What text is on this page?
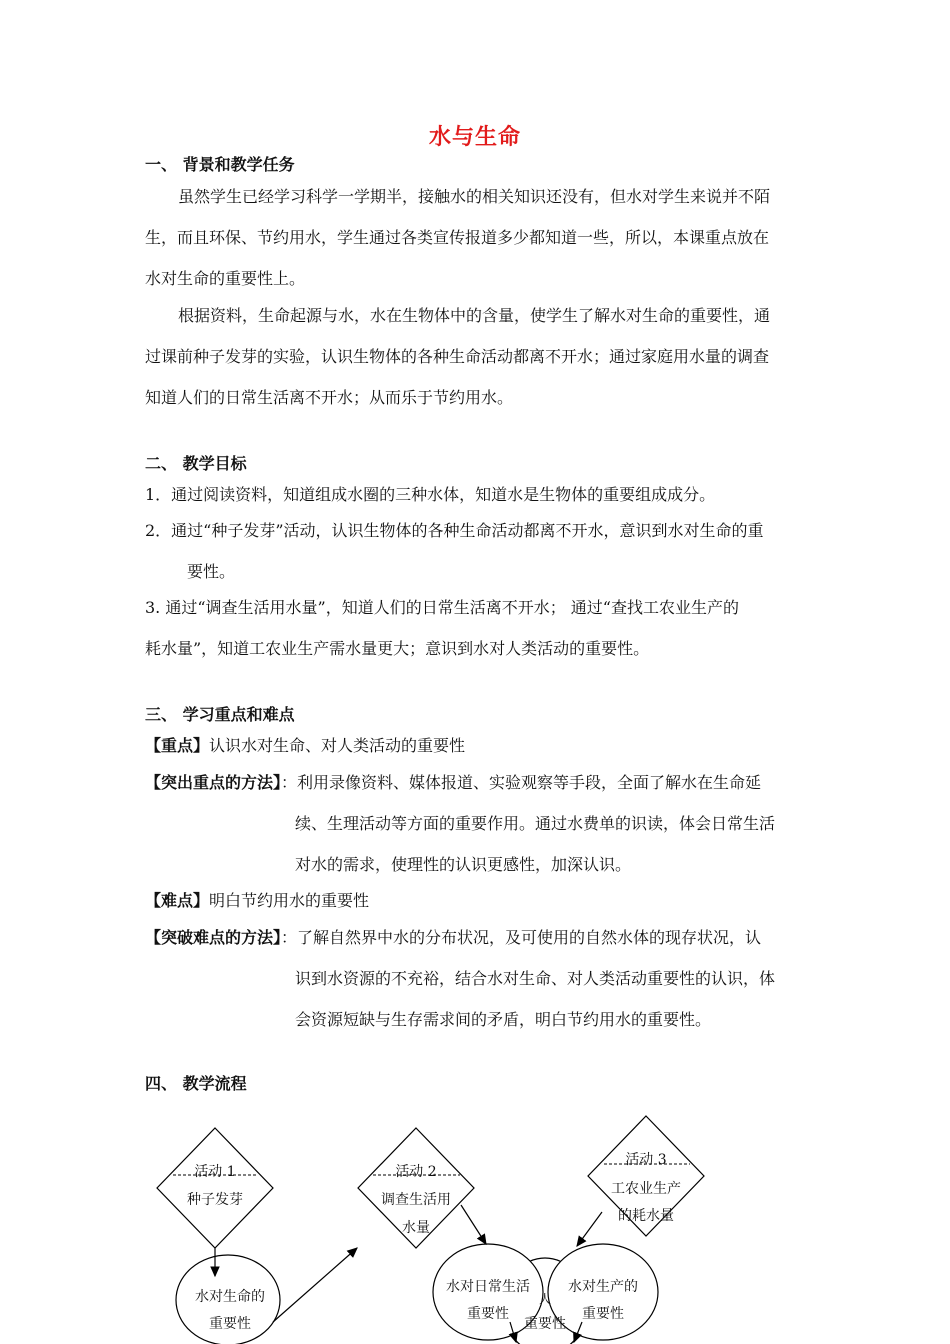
水与生命
一、 背景和教学任务
虽然学生已经学习科学一学期半，接触水的相关知识还没有，但水对学生来说并不陌
生，而且环保、节约用水，学生通过各类宣传报道多少都知道一些，所以，本课重点放在
水对生命的重要性上。
根据资料，生命起源与水，水在生物体中的含量，使学生了解水对生命的重要性，通
过课前种子发芽的实验，认识生物体的各种生命活动都离不开水；通过家庭用水量的调查
知道人们的日常生活离不开水；从而乐于节约用水。
二、 教学目标
1．通过阅读资料，知道组成水圈的三种水体，知道水是生物体的重要组成成分。
2．通过“种子发芽”活动，认识生物体的各种生命活动都离不开水，意识到水对生命的重
要性。
3. 通过“调查生活用水量”，知道人们的日常生活离不开水； 通过“查找工农业生产的
耗水量”，知道工农业生产需水量更大；意识到水对人类活动的重要性。
三、 学习重点和难点
【重点】认识水对生命、对人类活动的重要性
【突出重点的方法】：利用录像资料、媒体报道、实验观察等手段，全面了解水在生命延
续、生理活动等方面的重要作用。通过水费单的识读，体会日常生活
对水的需求，使理性的认识更感性，加深认识。
【难点】明白节约用水的重要性
【突破难点的方法】：了解自然界中水的分布状况，及可使用的自然水体的现存状况，认
识到水资源的不充裕，结合水对生命、对人类活动重要性的认识，体
会资源短缺与生存需求间的矛盾，明白节约用水的重要性。
四、 教学流程
活动 1
种子发芽
活动 2
调查生活用
水量
活动 3
工农业生产
的耗水量
水对生命的
重要性
水对日常生活
重要性
水对生产的
重要性
人
重要性
